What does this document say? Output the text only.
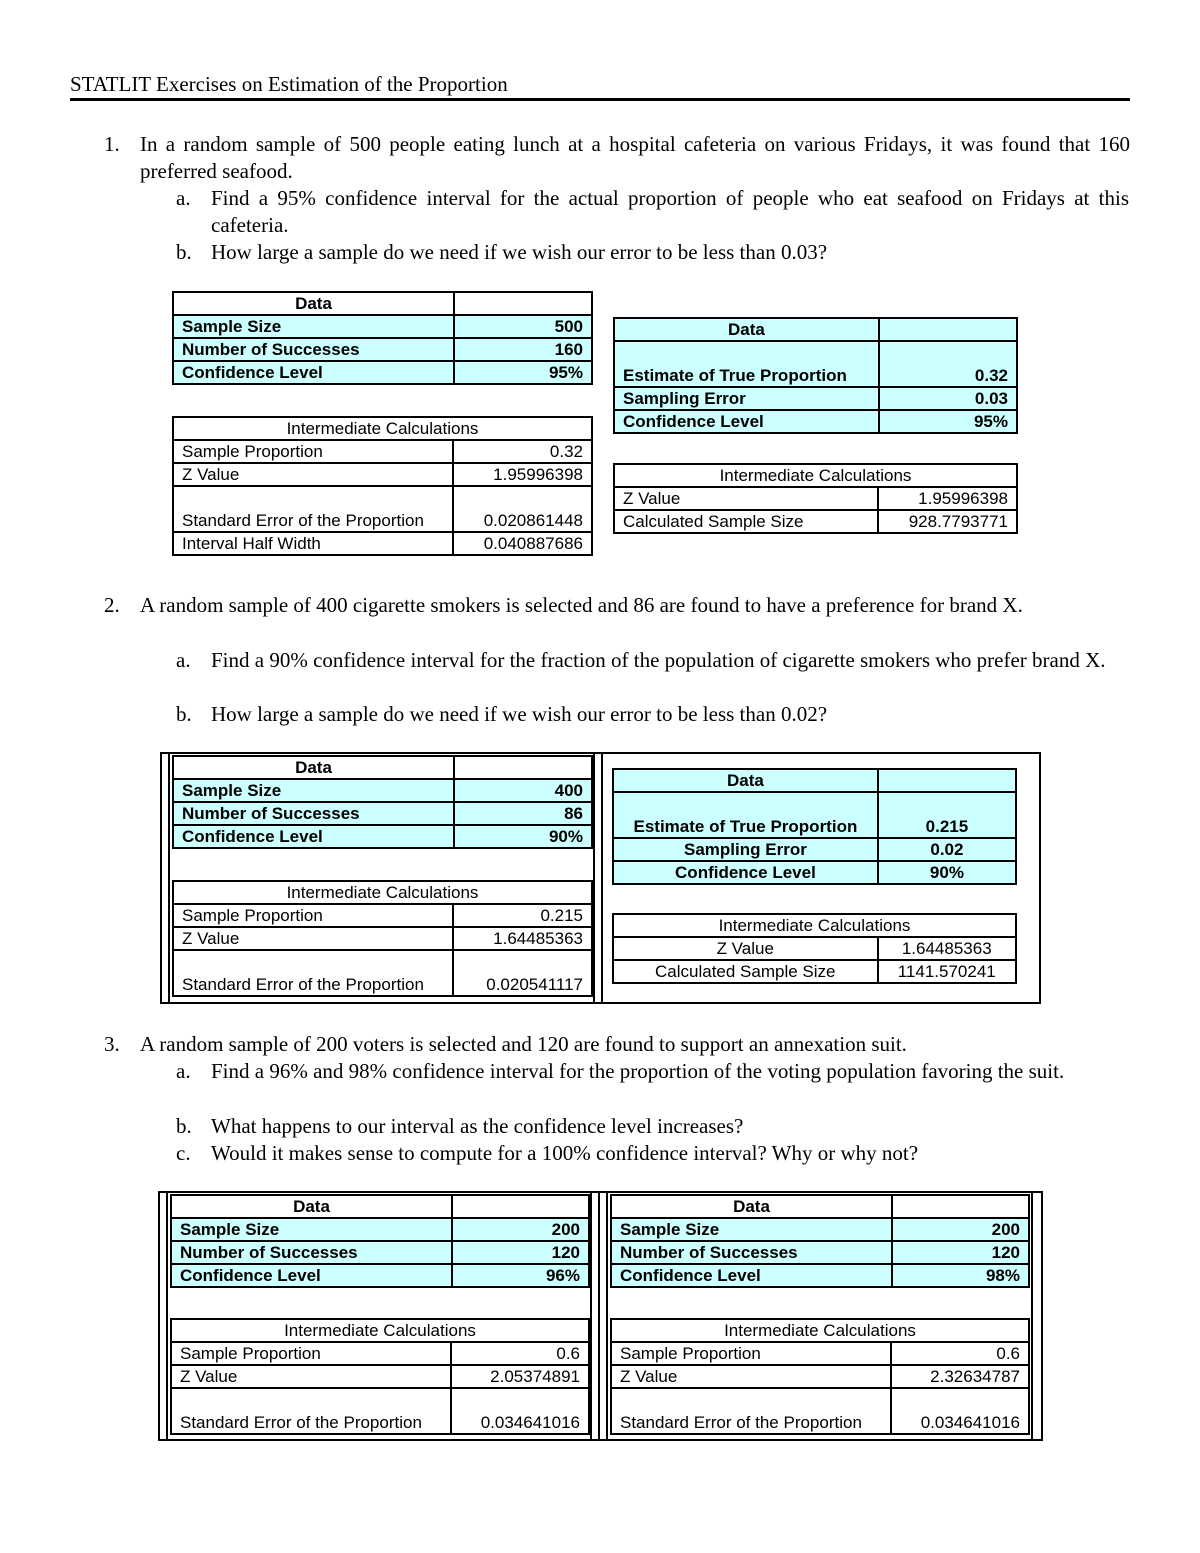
STATLIT Exercises on Estimation of the Proportion
1. In a random sample of 500 people eating lunch at a hospital cafeteria on various Fridays, it was found that 160 preferred seafood.
a. Find a 95% confidence interval for the actual proportion of people who eat seafood on Fridays at this cafeteria.
b. How large a sample do we need if we wish our error to be less than 0.03?
Data	
Sample Size	500
Number of Successes	160
Confidence Level	95%
Intermediate Calculations	
Sample Proportion	0.32
Z Value	1.95996398
Standard Error of the Proportion	0.020861448
Interval Half Width	0.040887686
Data	
Estimate of True Proportion	0.32
Sampling Error	0.03
Confidence Level	95%
Intermediate Calculations	
Z Value	1.95996398
Calculated Sample Size	928.7793771
2. A random sample of 400 cigarette smokers is selected and 86 are found to have a preference for brand X.
a. Find a 90% confidence interval for the fraction of the population of cigarette smokers who prefer brand X.
b. How large a sample do we need if we wish our error to be less than 0.02?
Data	
Sample Size	400
Number of Successes	86
Confidence Level	90%
Intermediate Calculations	
Sample Proportion	0.215
Z Value	1.64485363
Standard Error of the Proportion	0.020541117
Data	
Estimate of True Proportion	0.215
Sampling Error	0.02
Confidence Level	90%
Intermediate Calculations	
Z Value	1.64485363
Calculated Sample Size	1141.570241
3. A random sample of 200 voters is selected and 120 are found to support an annexation suit.
a. Find a 96% and 98% confidence interval for the proportion of the voting population favoring the suit.
b. What happens to our interval as the confidence level increases?
c. Would it makes sense to compute for a 100% confidence interval? Why or why not?
Data	
Sample Size	200
Number of Successes	120
Confidence Level	96%
Intermediate Calculations	
Sample Proportion	0.6
Z Value	2.05374891
Standard Error of the Proportion	0.034641016
Data	
Sample Size	200
Number of Successes	120
Confidence Level	98%
Intermediate Calculations	
Sample Proportion	0.6
Z Value	2.32634787
Standard Error of the Proportion	0.034641016
